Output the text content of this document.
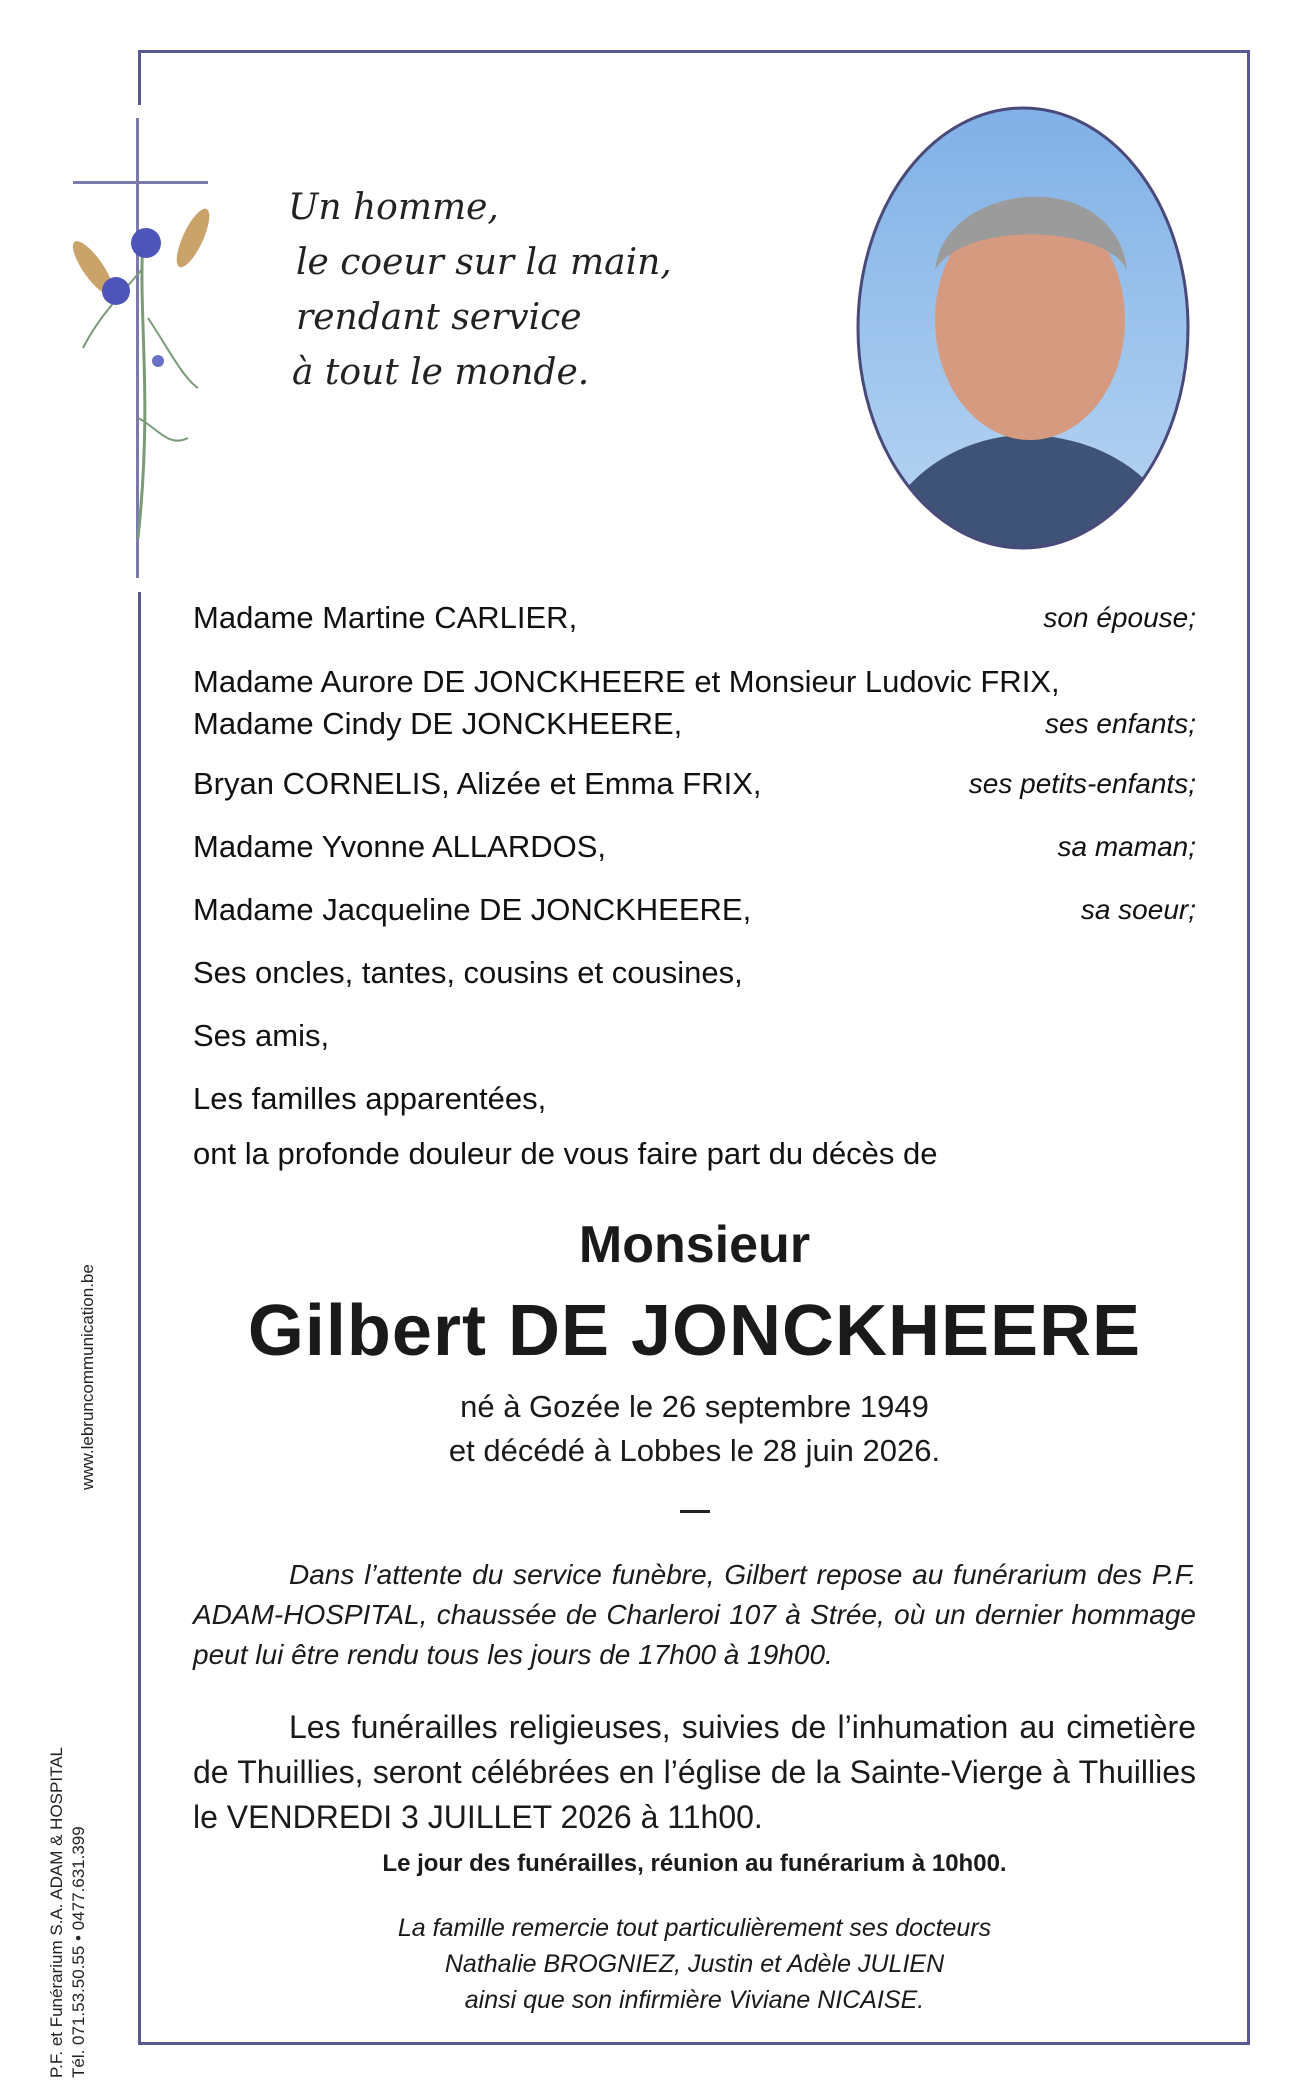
Un homme,
le coeur sur la main,
rendant service
à tout le monde.
Madame Martine CARLIER,	son épouse;
Madame Aurore DE JONCKHEERE et Monsieur Ludovic FRIX,
Madame Cindy DE JONCKHEERE,	ses enfants;
Bryan CORNELIS, Alizée et Emma FRIX,	ses petits-enfants;
Madame Yvonne ALLARDOS,	sa maman;
Madame Jacqueline DE JONCKHEERE,	sa soeur;
Ses oncles, tantes, cousins et cousines,
Ses amis,
Les familles apparentées,
ont la profonde douleur de vous faire part du décès de
Monsieur
Gilbert DE JONCKHEERE
né à Gozée le 26 septembre 1949
et décédé à Lobbes le 28 juin 2026.
Dans l’attente du service funèbre, Gilbert repose au funérarium des P.F. ADAM-HOSPITAL, chaussée de Charleroi 107 à Strée, où un dernier hommage peut lui être rendu tous les jours de 17h00 à 19h00.
Les funérailles religieuses, suivies de l’inhumation au cimetière de Thuillies, seront célébrées en l’église de la Sainte-Vierge à Thuillies le VENDREDI 3 JUILLET 2026 à 11h00.
Le jour des funérailles, réunion au funérarium à 10h00.
La famille remercie tout particulièrement ses docteurs
Nathalie BROGNIEZ, Justin et Adèle JULIEN
ainsi que son infirmière Viviane NICAISE.
www.lebruncommunication.be
P.F. et Funérarium S.A. ADAM & HOSPITAL Tél. 071.53.50.55 • 0477.631.399
